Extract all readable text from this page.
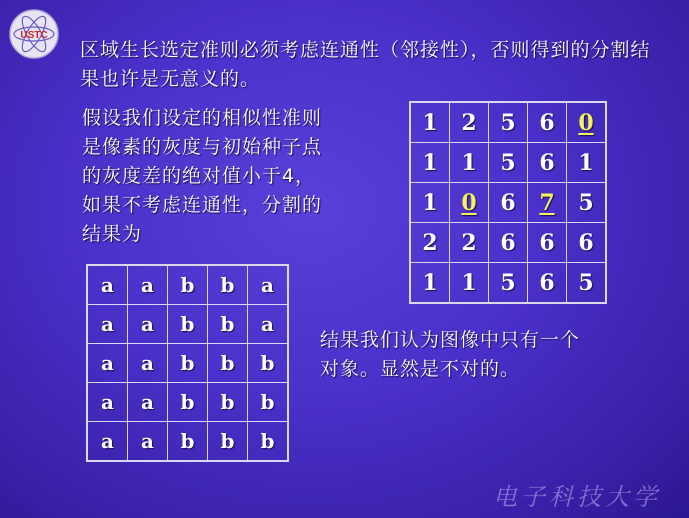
USTC
区域生长选定准则必须考虑连通性（邻接性），否则得到的分割结果也许是无意义的。
假设我们设定的相似性准则
是像素的灰度与初始种子点
的灰度差的绝对值小于4，
如果不考虑连通性，分割的
结果为
1	2	5	6	0
1	1	5	6	1
1	0	6	7	5
2	2	6	6	6
1	1	5	6	5
a	a	b	b	a
a	a	b	b	a
a	a	b	b	b
a	a	b	b	b
a	a	b	b	b
结果我们认为图像中只有一个
对象。显然是不对的。
电子科技大学
